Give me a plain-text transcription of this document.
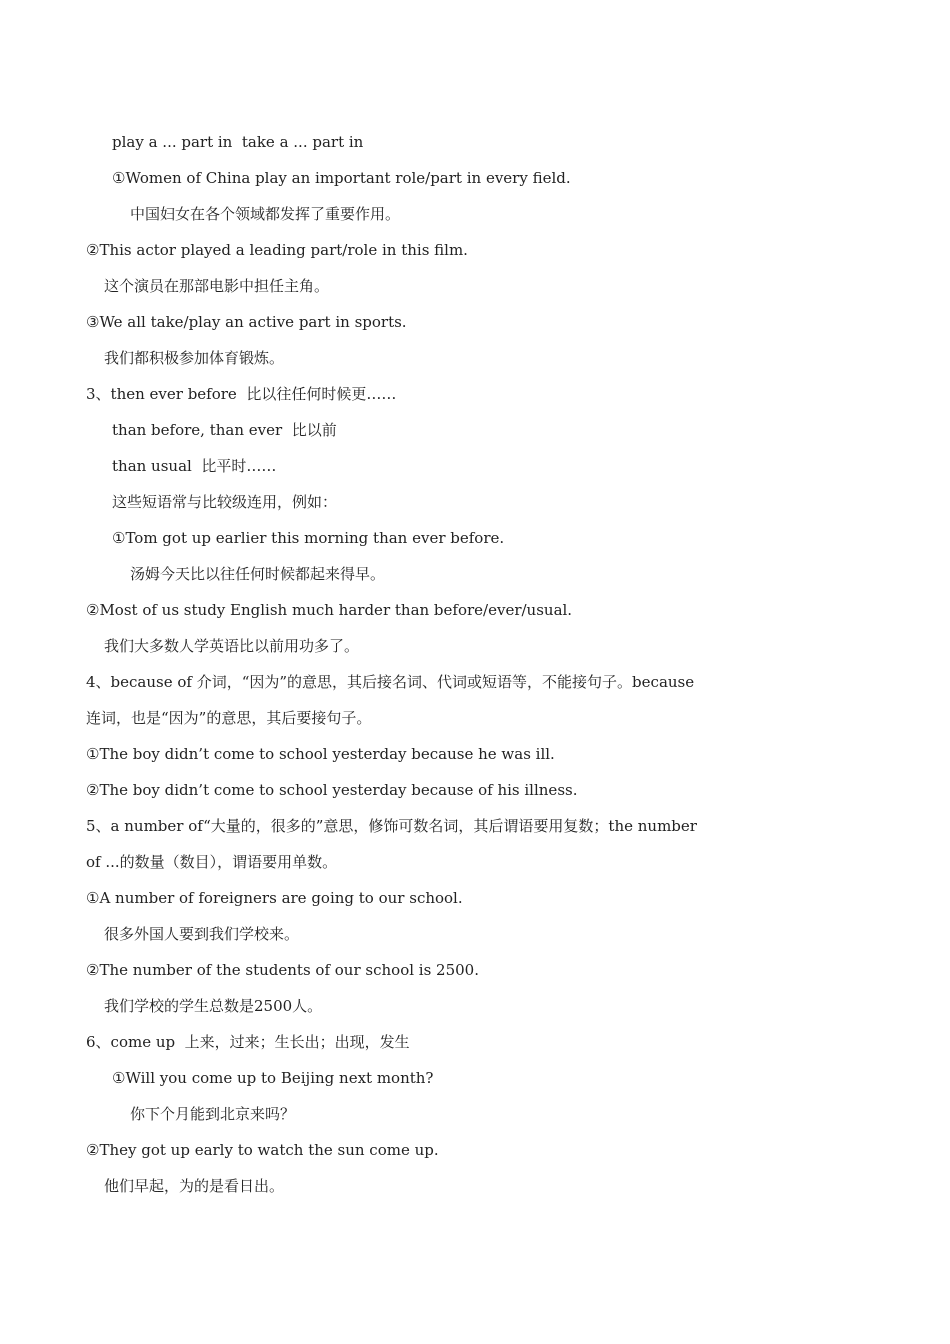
play a ... part in  take a ... part in
①Women of China play an important role/part in every field.
中国妇女在各个领域都发挥了重要作用。
②This actor played a leading part/role in this film.
这个演员在那部电影中担任主角。
③We all take/play an active part in sports.
我们都积极参加体育锻炼。
3、then ever before  比以往任何时候更……
than before, than ever  比以前
than usual  比平时……
这些短语常与比较级连用，例如：
①Tom got up earlier this morning than ever before.
汤姆今天比以往任何时候都起来得早。
②Most of us study English much harder than before/ever/usual.
我们大多数人学英语比以前用功多了。
4、because of 介词，“因为”的意思，其后接名词、代词或短语等，不能接句子。because
连词，也是“因为”的意思，其后要接句子。
①The boy didn’t come to school yesterday because he was ill.
②The boy didn’t come to school yesterday because of his illness.
5、a number of“大量的，很多的”意思，修饰可数名词，其后谓语要用复数；the number
of ...的数量（数目），谓语要用单数。
①A number of foreigners are going to our school.
很多外国人要到我们学校来。
②The number of the students of our school is 2500.
我们学校的学生总数是2500人。
6、come up  上来，过来；生长出；出现，发生
①Will you come up to Beijing next month?
你下个月能到北京来吗？
②They got up early to watch the sun come up.
他们早起，为的是看日出。
